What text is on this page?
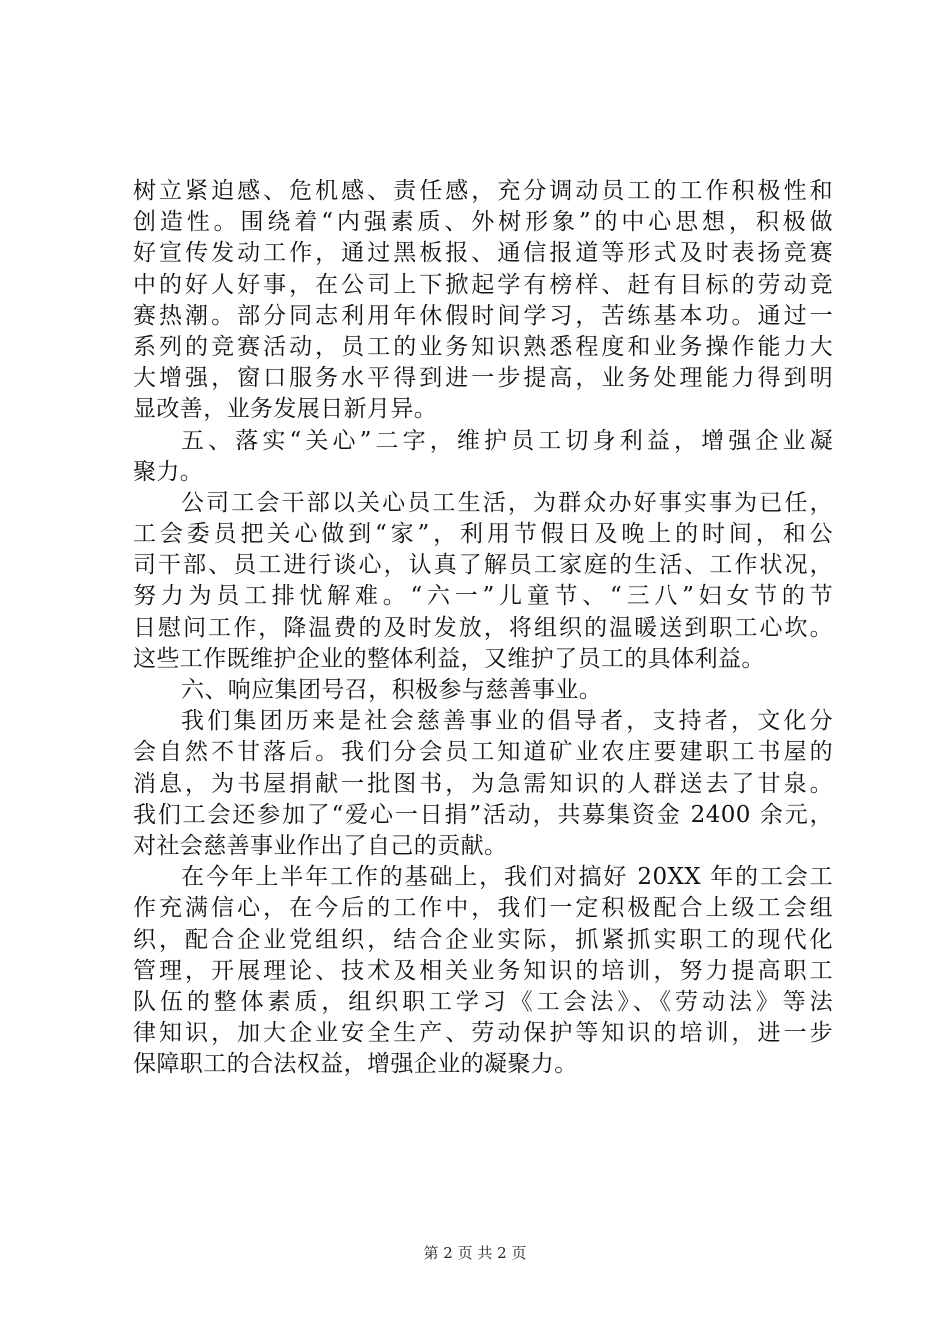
树立紧迫感、危机感、责任感，充分调动员工的工作积极性和
创造性。围绕着“内强素质、外树形象”的中心思想，积极做
好宣传发动工作，通过黑板报、通信报道等形式及时表扬竞赛
中的好人好事，在公司上下掀起学有榜样、赶有目标的劳动竞
赛热潮。部分同志利用年休假时间学习，苦练基本功。通过一
系列的竞赛活动，员工的业务知识熟悉程度和业务操作能力大
大增强，窗口服务水平得到进一步提高，业务处理能力得到明
显改善，业务发展日新月异。
五、落实“关心”二字，维护员工切身利益，增强企业凝
聚力。
公司工会干部以关心员工生活，为群众办好事实事为已任，
工会委员把关心做到“家”，利用节假日及晚上的时间，和公
司干部、员工进行谈心，认真了解员工家庭的生活、工作状况，
努力为员工排忧解难。“六一”儿童节、“三八”妇女节的节
日慰问工作，降温费的及时发放，将组织的温暖送到职工心坎。
这些工作既维护企业的整体利益，又维护了员工的具体利益。
六、响应集团号召，积极参与慈善事业。
我们集团历来是社会慈善事业的倡导者，支持者，文化分
会自然不甘落后。我们分会员工知道矿业农庄要建职工书屋的
消息，为书屋捐献一批图书，为急需知识的人群送去了甘泉。
我们工会还参加了“爱心一日捐”活动，共募集资金 2400 余元，
对社会慈善事业作出了自己的贡献。
在今年上半年工作的基础上，我们对搞好 20XX 年的工会工
作充满信心，在今后的工作中，我们一定积极配合上级工会组
织，配合企业党组织，结合企业实际，抓紧抓实职工的现代化
管理，开展理论、技术及相关业务知识的培训，努力提高职工
队伍的整体素质，组织职工学习《工会法》、《劳动法》等法
律知识，加大企业安全生产、劳动保护等知识的培训，进一步
保障职工的合法权益，增强企业的凝聚力。
第 2 页 共 2 页
